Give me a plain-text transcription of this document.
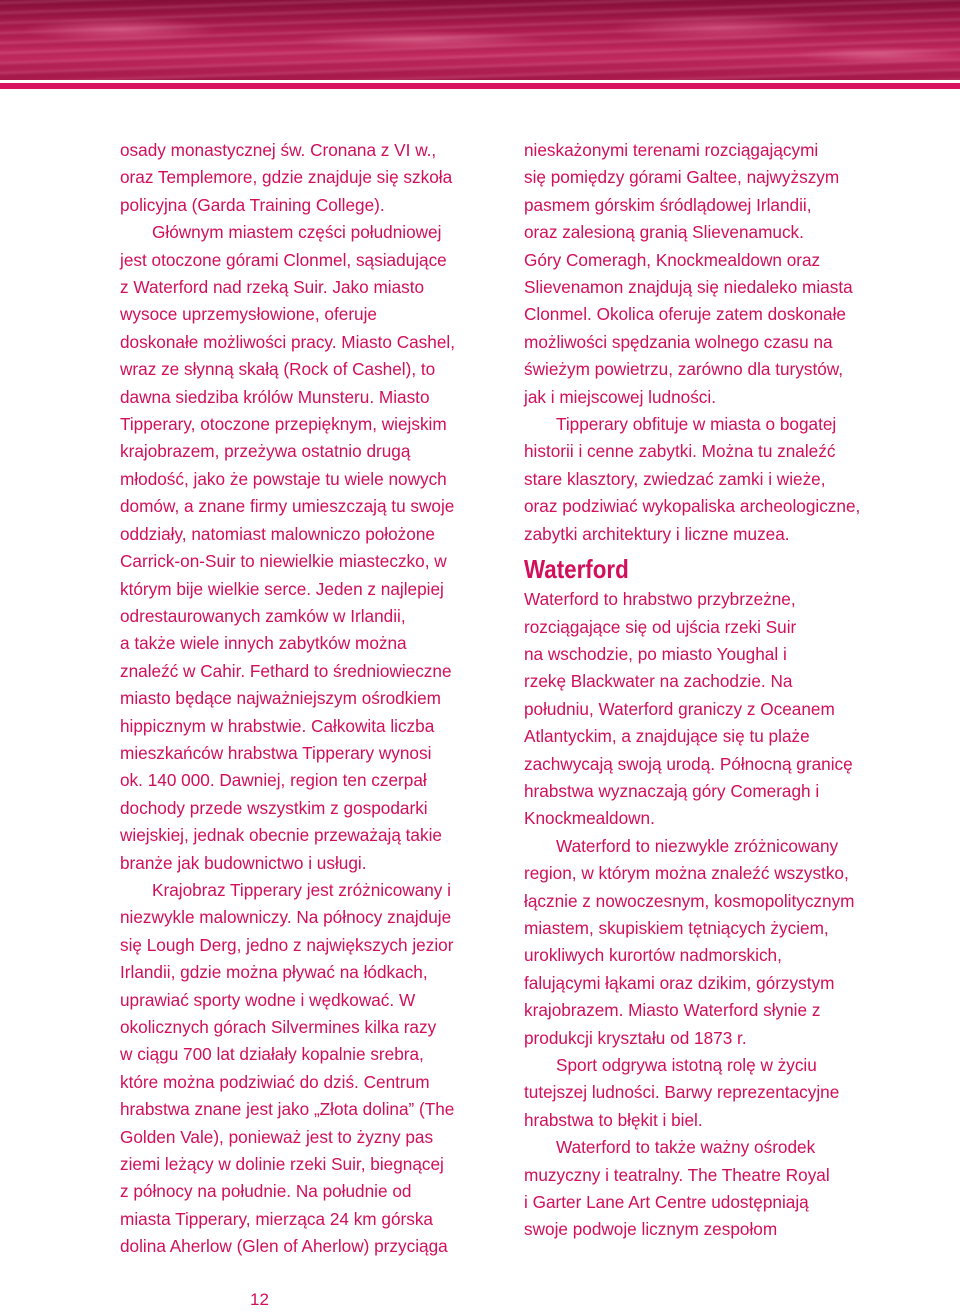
osady monastycznej św. Cronana z VI w.,
oraz Templemore, gdzie znajduje się szkoła
policyjna (Garda Training College).

Głównym miastem części południowej
jest otoczone górami Clonmel, sąsiadujące
z Waterford nad rzeką Suir. Jako miasto
wysoce uprzemysłowione, oferuje
doskonałe możliwości pracy. Miasto Cashel,
wraz ze słynną skałą (Rock of Cashel), to
dawna siedziba królów Munsteru. Miasto
Tipperary, otoczone przepięknym, wiejskim
krajobrazem, przeżywa ostatnio drugą
młodość, jako że powstaje tu wiele nowych
domów, a znane firmy umieszczają tu swoje
oddziały, natomiast malowniczo położone
Carrick-on-Suir to niewielkie miasteczko, w
którym bije wielkie serce. Jeden z najlepiej
odrestaurowanych zamków w Irlandii,
a także wiele innych zabytków można
znaleźć w Cahir. Fethard to średniowieczne
miasto będące najważniejszym ośrodkiem
hippicznym w hrabstwie. Całkowita liczba
mieszkańców hrabstwa Tipperary wynosi
ok. 140 000. Dawniej, region ten czerpał
dochody przede wszystkim z gospodarki
wiejskiej, jednak obecnie przeważają takie
branże jak budownictwo i usługi.

Krajobraz Tipperary jest zróżnicowany i
niezwykle malowniczy. Na północy znajduje
się Lough Derg, jedno z największych jezior
Irlandii, gdzie można pływać na łódkach,
uprawiać sporty wodne i wędkować. W
okolicznych górach Silvermines kilka razy
w ciągu 700 lat działały kopalnie srebra,
które można podziwiać do dziś. Centrum
hrabstwa znane jest jako „Złota dolina” (The
Golden Vale), ponieważ jest to żyzny pas
ziemi leżący w dolinie rzeki Suir, biegnącej
z północy na południe. Na południe od
miasta Tipperary, mierząca 24 km górska
dolina Aherlow (Glen of Aherlow) przyciąga

nieskażonymi terenami rozciągającymi
się pomiędzy górami Galtee, najwyższym
pasmem górskim śródlądowej Irlandii,
oraz zalesioną granią Slievenamuck.
Góry Comeragh, Knockmealdown oraz
Slievenamon znajdują się niedaleko miasta
Clonmel. Okolica oferuje zatem doskonałe
możliwości spędzania wolnego czasu na
świeżym powietrzu, zarówno dla turystów,
jak i miejscowej ludności.

Tipperary obfituje w miasta o bogatej
historii i cenne zabytki. Można tu znaleźć
stare klasztory, zwiedzać zamki i wieże,
oraz podziwiać wykopaliska archeologiczne,
zabytki architektury i liczne muzea.

Waterford

Waterford to hrabstwo przybrzeżne,
rozciągające się od ujścia rzeki Suir
na wschodzie, po miasto Youghal i
rzekę Blackwater na zachodzie. Na
południu, Waterford graniczy z Oceanem
Atlantyckim, a znajdujące się tu plaże
zachwycają swoją urodą. Północną granicę
hrabstwa wyznaczają góry Comeragh i
Knockmealdown.

Waterford to niezwykle zróżnicowany
region, w którym można znaleźć wszystko,
łącznie z nowoczesnym, kosmopolitycznym
miastem, skupiskiem tętniących życiem,
urokliwych kurortów nadmorskich,
falującymi łąkami oraz dzikim, górzystym
krajobrazem. Miasto Waterford słynie z
produkcji kryształu od 1873 r.

Sport odgrywa istotną rolę w życiu
tutejszej ludności. Barwy reprezentacyjne
hrabstwa to błękit i biel.

Waterford to także ważny ośrodek
muzyczny i teatralny. The Theatre Royal
i Garter Lane Art Centre udostępniają
swoje podwoje licznym zespołom

12
